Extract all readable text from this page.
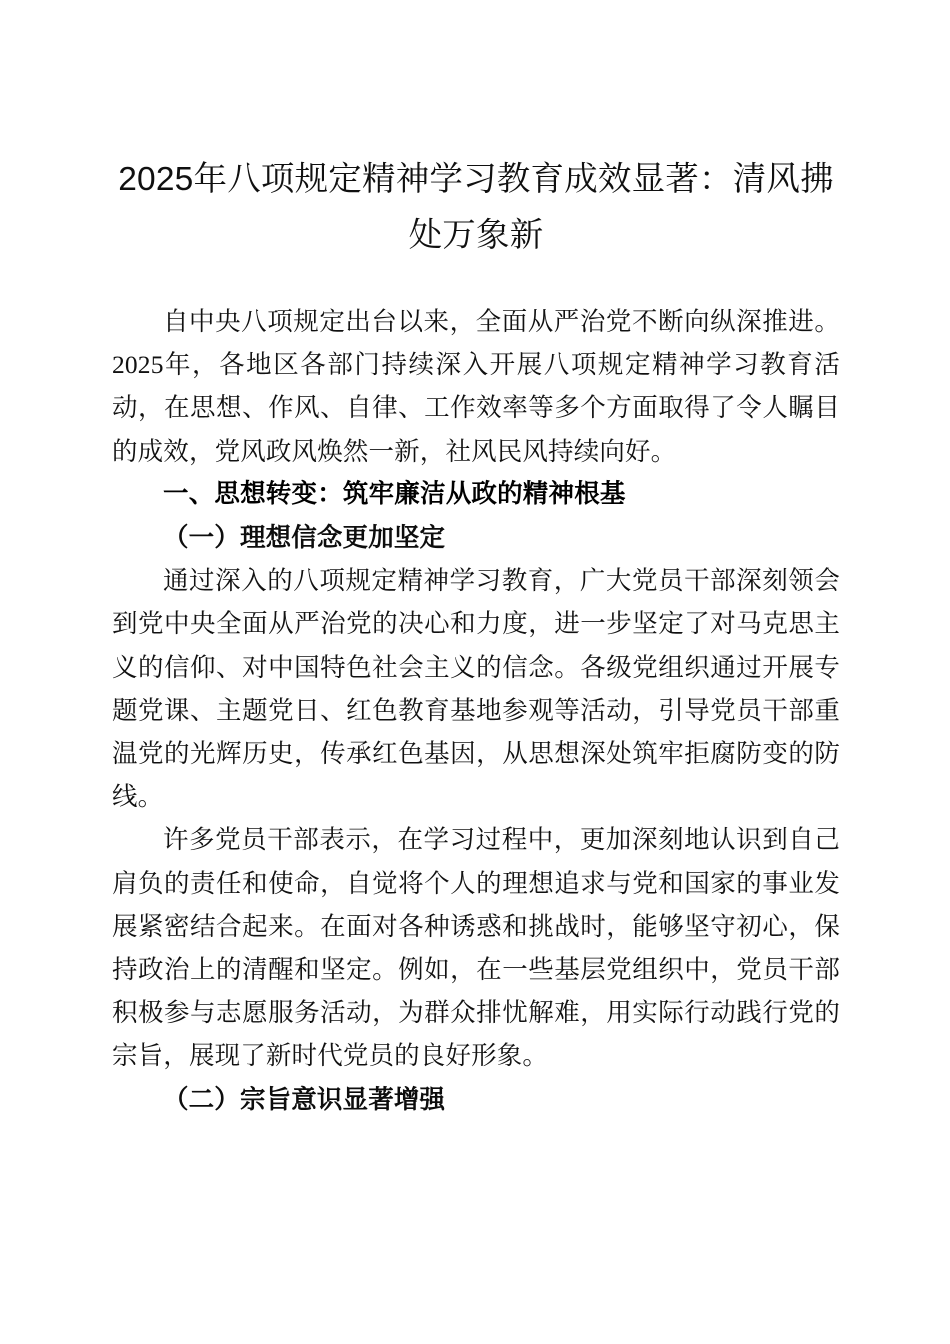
2025年八项规定精神学习教育成效显著：清风拂处万象新

自中央八项规定出台以来，全面从严治党不断向纵深推进。2025年，各地区各部门持续深入开展八项规定精神学习教育活动，在思想、作风、自律、工作效率等多个方面取得了令人瞩目的成效，党风政风焕然一新，社风民风持续向好。

一、思想转变：筑牢廉洁从政的精神根基
（一）理想信念更加坚定

通过深入的八项规定精神学习教育，广大党员干部深刻领会到党中央全面从严治党的决心和力度，进一步坚定了对马克思主义的信仰、对中国特色社会主义的信念。各级党组织通过开展专题党课、主题党日、红色教育基地参观等活动，引导党员干部重温党的光辉历史，传承红色基因，从思想深处筑牢拒腐防变的防线。

许多党员干部表示，在学习过程中，更加深刻地认识到自己肩负的责任和使命，自觉将个人的理想追求与党和国家的事业发展紧密结合起来。在面对各种诱惑和挑战时，能够坚守初心，保持政治上的清醒和坚定。例如，在一些基层党组织中，党员干部积极参与志愿服务活动，为群众排忧解难，用实际行动践行党的宗旨，展现了新时代党员的良好形象。

（二）宗旨意识显著增强
